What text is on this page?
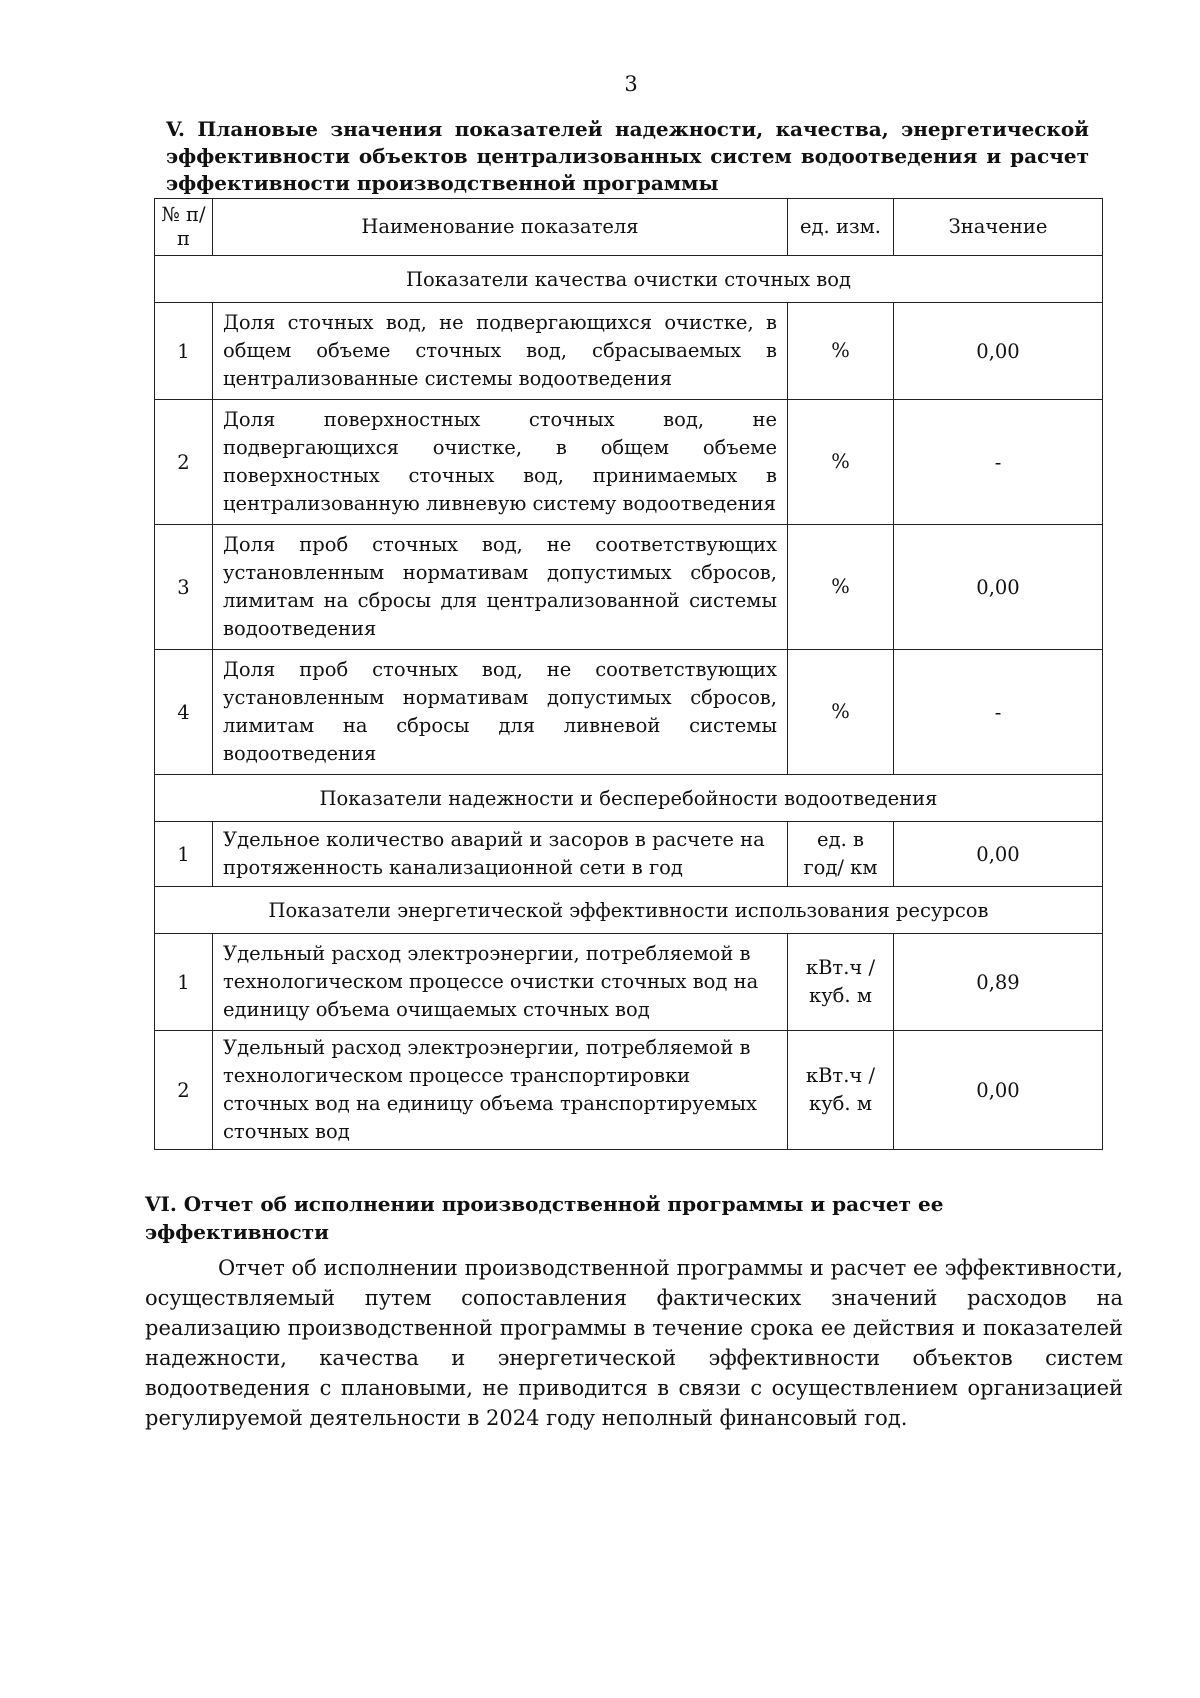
3
V. Плановые значения показателей надежности, качества, энергетической эффективности объектов централизованных систем водоотведения и расчет эффективности производственной программы
№ п/п	Наименование показателя	ед. изм.	Значение
Показатели качества очистки сточных вод			
1	Доля сточных вод, не подвергающихся очистке, в общем объеме сточных вод, сбрасываемых в централизованные системы водоотведения	%	0,00
2	Доля поверхностных сточных вод, не подвергающихся очистке, в общем объеме поверхностных сточных вод, принимаемых в централизованную ливневую систему водоотведения	%	-
3	Доля проб сточных вод, не соответствующих установленным нормативам допустимых сбросов, лимитам на сбросы для централизованной системы водоотведения	%	0,00
4	Доля проб сточных вод, не соответствующих установленным нормативам допустимых сбросов, лимитам на сбросы для ливневой системы водоотведения	%	-
Показатели надежности и бесперебойности водоотведения			
1	Удельное количество аварий и засоров в расчете на протяженность канализационной сети в год	ед. в год/ км	0,00
Показатели энергетической эффективности использования ресурсов			
1	Удельный расход электроэнергии, потребляемой в технологическом процессе очистки сточных вод на единицу объема очищаемых сточных вод	кВт.ч / куб. м	0,89
2	Удельный расход электроэнергии, потребляемой в технологическом процессе транспортировки сточных вод на единицу объема транспортируемых сточных вод	кВт.ч / куб. м	0,00
VI. Отчет об исполнении производственной программы и расчет ее эффективности

Отчет об исполнении производственной программы и расчет ее эффективности, осуществляемый путем сопоставления фактических значений расходов на реализацию производственной программы в течение срока ее действия и показателей надежности, качества и энергетической эффективности объектов систем водоотведения с плановыми, не приводится в связи с осуществлением организацией регулируемой деятельности в 2024 году неполный финансовый год.
